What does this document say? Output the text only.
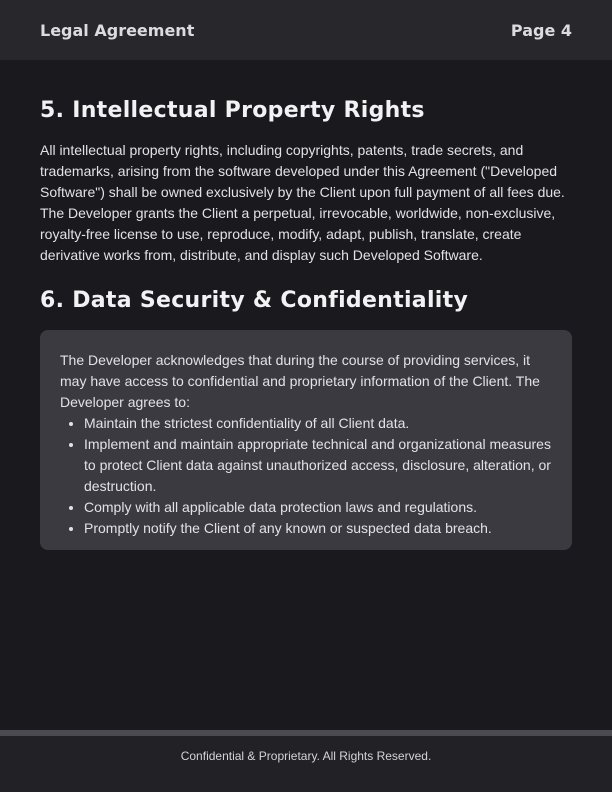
Legal Agreement	Page 4
5. Intellectual Property Rights

All intellectual property rights, including copyrights, patents, trade secrets, and trademarks, arising from the software developed under this Agreement ("Developed Software") shall be owned exclusively by the Client upon full payment of all fees due.

The Developer grants the Client a perpetual, irrevocable, worldwide, non-exclusive, royalty-free license to use, reproduce, modify, adapt, publish, translate, create derivative works from, distribute, and display such Developed Software.

6. Data Security & Confidentiality

The Developer acknowledges that during the course of providing services, it may have access to confidential and proprietary information of the Client. The Developer agrees to:

• Maintain the strictest confidentiality of all Client data.
• Implement and maintain appropriate technical and organizational measures to protect Client data against unauthorized access, disclosure, alteration, or destruction.
• Comply with all applicable data protection laws and regulations.
• Promptly notify the Client of any known or suspected data breach.
Confidential & Proprietary. All Rights Reserved.
